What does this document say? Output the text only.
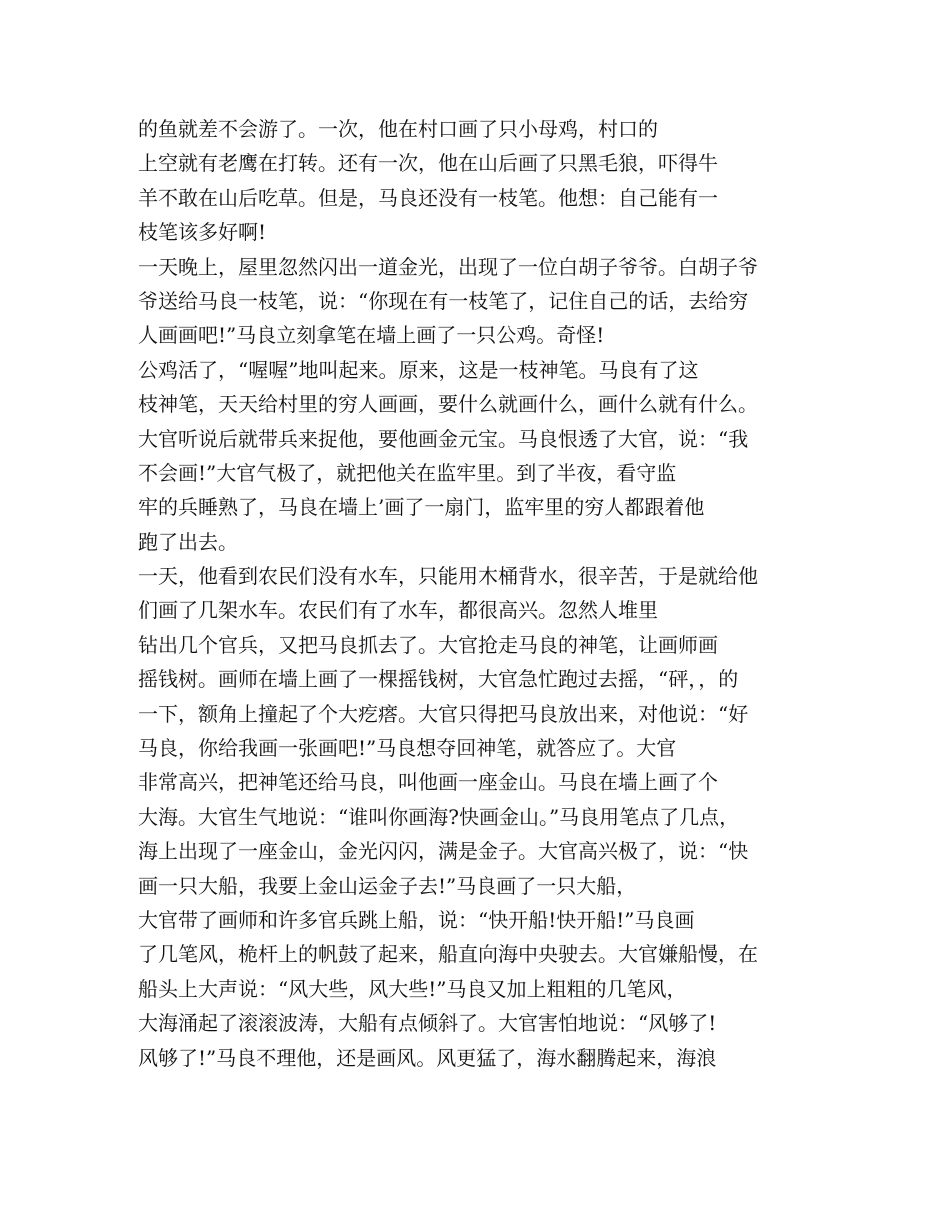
的鱼就差不会游了。一次，他在村口画了只小母鸡，村口的
上空就有老鹰在打转。还有一次，他在山后画了只黑毛狼，吓得牛
羊不敢在山后吃草。但是，马良还没有一枝笔。他想：自己能有一
枝笔该多好啊!
一天晚上，屋里忽然闪出一道金光，出现了一位白胡子爷爷。白胡子爷
爷送给马良一枝笔，说：“你现在有一枝笔了，记住自己的话，去给穷
人画画吧!”马良立刻拿笔在墙上画了一只公鸡。奇怪!
公鸡活了，“喔喔”地叫起来。原来，这是一枝神笔。马良有了这
枝神笔，天天给村里的穷人画画，要什么就画什么，画什么就有什么。
大官听说后就带兵来捉他，要他画金元宝。马良恨透了大官，说：“我
不会画!”大官气极了，就把他关在监牢里。到了半夜，看守监
牢的兵睡熟了，马良在墙上’画了一扇门，监牢里的穷人都跟着他
跑了出去。
一天，他看到农民们没有水车，只能用木桶背水，很辛苦，于是就给他
们画了几架水车。农民们有了水车，都很高兴。忽然人堆里
钻出几个官兵，又把马良抓去了。大官抢走马良的神笔，让画师画
摇钱树。画师在墙上画了一棵摇钱树，大官急忙跑过去摇，“砰，，的
一下，额角上撞起了个大疙瘩。大官只得把马良放出来，对他说：“好
马良，你给我画一张画吧!”马良想夺回神笔，就答应了。大官
非常高兴，把神笔还给马良，叫他画一座金山。马良在墙上画了个
大海。大官生气地说：“谁叫你画海?快画金山。”马良用笔点了几点，
海上出现了一座金山，金光闪闪，满是金子。大官高兴极了，说：“快
画一只大船，我要上金山运金子去!”马良画了一只大船，
大官带了画师和许多官兵跳上船，说：“快开船!快开船!”马良画
了几笔风，桅杆上的帆鼓了起来，船直向海中央驶去。大官嫌船慢，在
船头上大声说：“风大些，风大些!”马良又加上粗粗的几笔风，
大海涌起了滚滚波涛，大船有点倾斜了。大官害怕地说：“风够了!
风够了!”马良不理他，还是画风。风更猛了，海水翻腾起来，海浪
